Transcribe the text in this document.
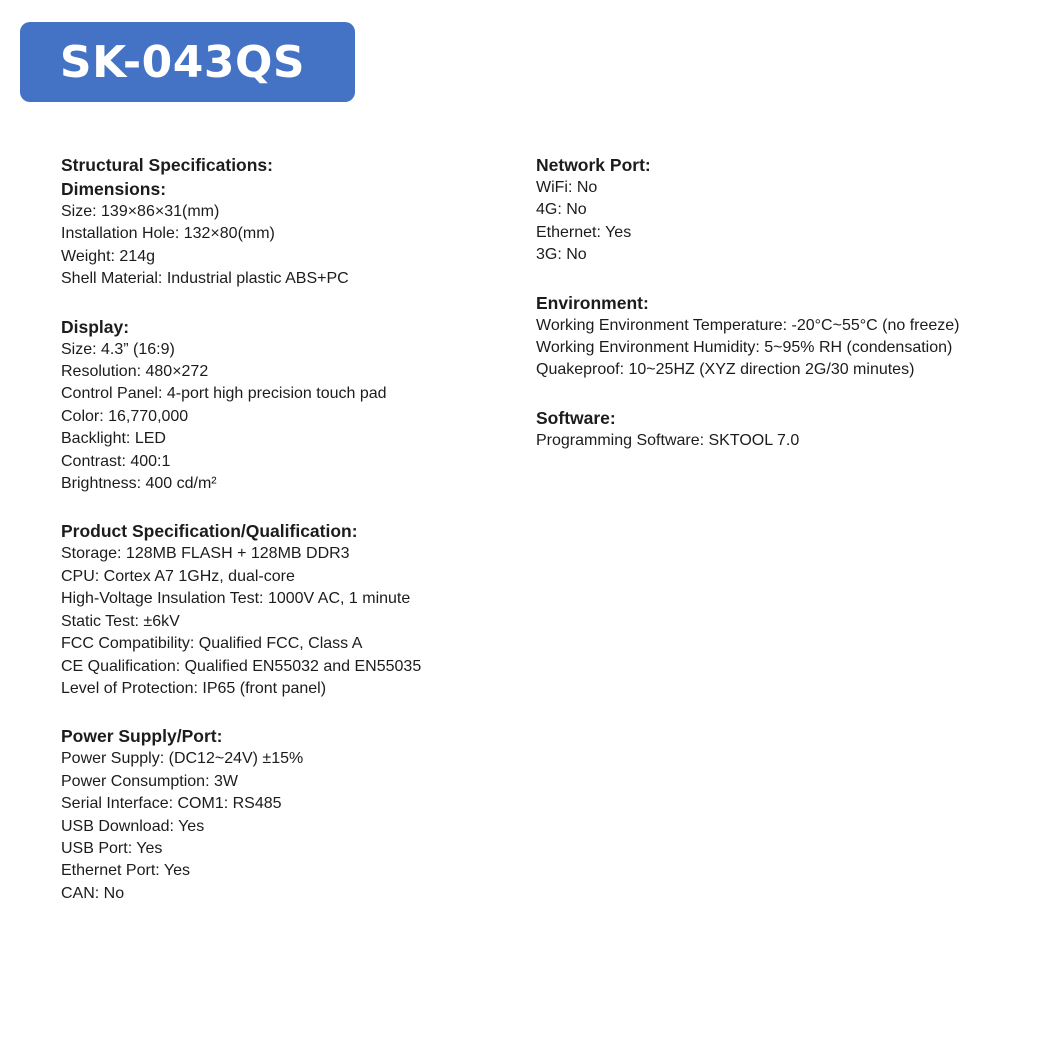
SK-043QS
Structural Specifications:
Dimensions:
Size: 139×86×31(mm)
Installation Hole: 132×80(mm)
Weight: 214g
Shell Material: Industrial plastic ABS+PC
Display:
Size: 4.3” (16:9)
Resolution: 480×272
Control Panel: 4-port high precision touch pad
Color: 16,770,000
Backlight: LED
Contrast: 400:1
Brightness: 400 cd/m²
Product Specification/Qualification:
Storage: 128MB FLASH + 128MB DDR3
CPU: Cortex A7 1GHz, dual-core
High-Voltage Insulation Test: 1000V AC, 1 minute
Static Test: ±6kV
FCC Compatibility: Qualified FCC, Class A
CE Qualification: Qualified EN55032 and EN55035
Level of Protection: IP65 (front panel)
Power Supply/Port:
Power Supply: (DC12~24V) ±15%
Power Consumption: 3W
Serial Interface: COM1: RS485
USB Download: Yes
USB Port: Yes
Ethernet Port: Yes
CAN: No
Network Port:
WiFi: No
4G: No
Ethernet: Yes
3G: No
Environment:
Working Environment Temperature: -20°C~55°C (no freeze)
Working Environment Humidity: 5~95% RH (condensation)
Quakeproof: 10~25HZ (XYZ direction 2G/30 minutes)
Software:
Programming Software: SKTOOL 7.0
